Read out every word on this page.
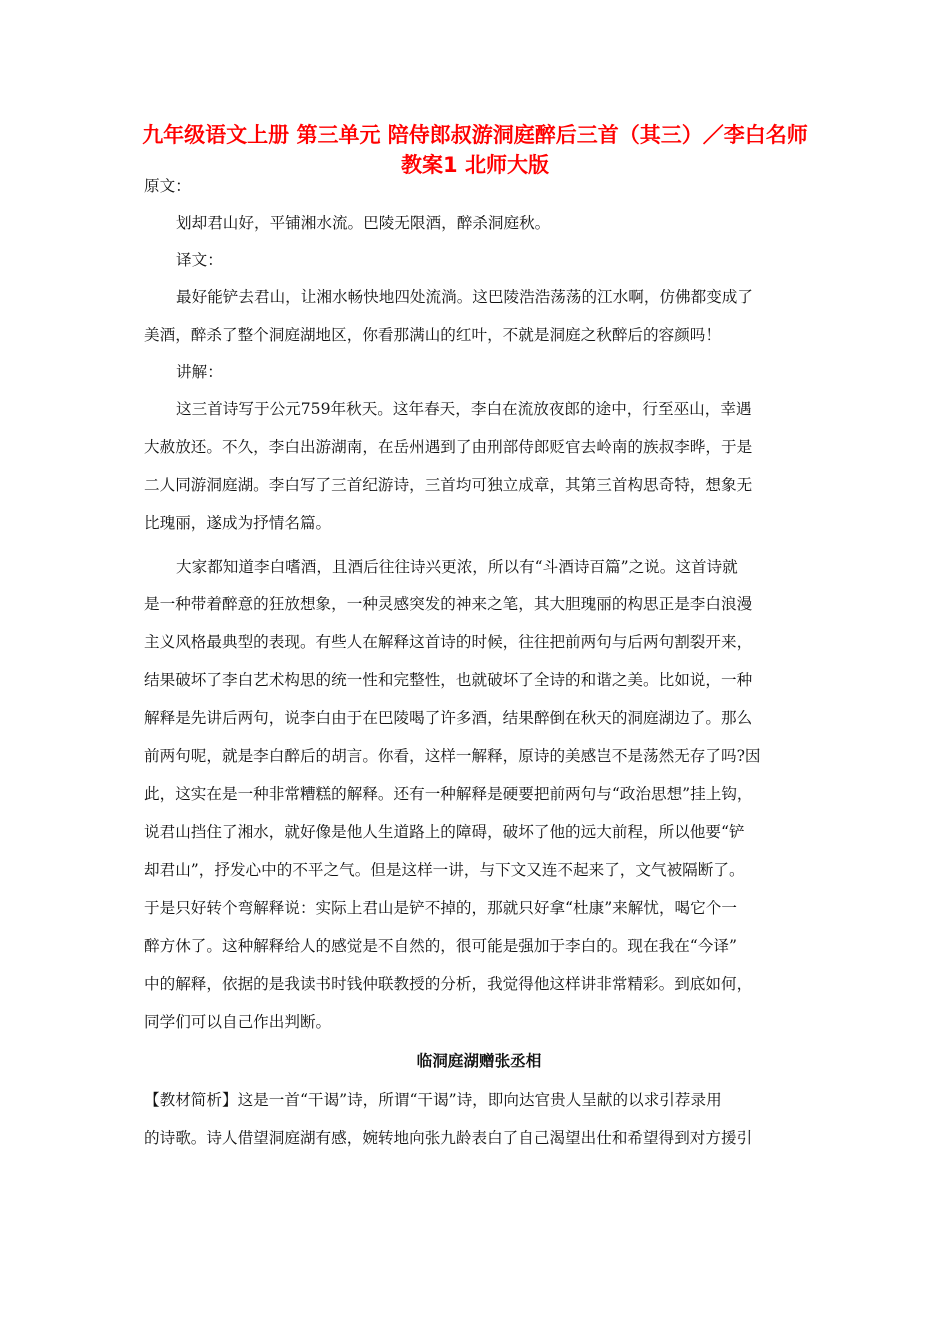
九年级语文上册 第三单元 陪侍郎叔游洞庭醉后三首（其三）／李白名师教案1 北师大版
原文：
划却君山好，平铺湘水流。巴陵无限酒，醉杀洞庭秋。
译文：
最好能铲去君山，让湘水畅快地四处流淌。这巴陵浩浩荡荡的江水啊，仿佛都变成了
美酒，醉杀了整个洞庭湖地区，你看那满山的红叶，不就是洞庭之秋醉后的容颜吗！
讲解：
这三首诗写于公元759年秋天。这年春天，李白在流放夜郎的途中，行至巫山，幸遇
大赦放还。不久，李白出游湖南，在岳州遇到了由刑部侍郎贬官去岭南的族叔李晔，于是
二人同游洞庭湖。李白写了三首纪游诗，三首均可独立成章，其第三首构思奇特，想象无
比瑰丽，遂成为抒情名篇。
大家都知道李白嗜酒，且酒后往往诗兴更浓，所以有“斗酒诗百篇”之说。这首诗就
是一种带着醉意的狂放想象，一种灵感突发的神来之笔，其大胆瑰丽的构思正是李白浪漫
主义风格最典型的表现。有些人在解释这首诗的时候，往往把前两句与后两句割裂开来，
结果破坏了李白艺术构思的统一性和完整性，也就破坏了全诗的和谐之美。比如说，一种
解释是先讲后两句，说李白由于在巴陵喝了许多酒，结果醉倒在秋天的洞庭湖边了。那么
前两句呢，就是李白醉后的胡言。你看，这样一解释，原诗的美感岂不是荡然无存了吗?因
此，这实在是一种非常糟糕的解释。还有一种解释是硬要把前两句与“政治思想”挂上钩，
说君山挡住了湘水，就好像是他人生道路上的障碍，破坏了他的远大前程，所以他要“铲
却君山”，抒发心中的不平之气。但是这样一讲，与下文又连不起来了，文气被隔断了。
于是只好转个弯解释说：实际上君山是铲不掉的，那就只好拿“杜康”来解忧，喝它个一
醉方休了。这种解释给人的感觉是不自然的，很可能是强加于李白的。现在我在“今译”
中的解释，依据的是我读书时钱仲联教授的分析，我觉得他这样讲非常精彩。到底如何，
同学们可以自己作出判断。
临洞庭湖赠张丞相
【教材简析】这是一首“干谒”诗，所谓“干谒”诗，即向达官贵人呈献的以求引荐录用
的诗歌。诗人借望洞庭湖有感，婉转地向张九龄表白了自己渴望出仕和希望得到对方援引
